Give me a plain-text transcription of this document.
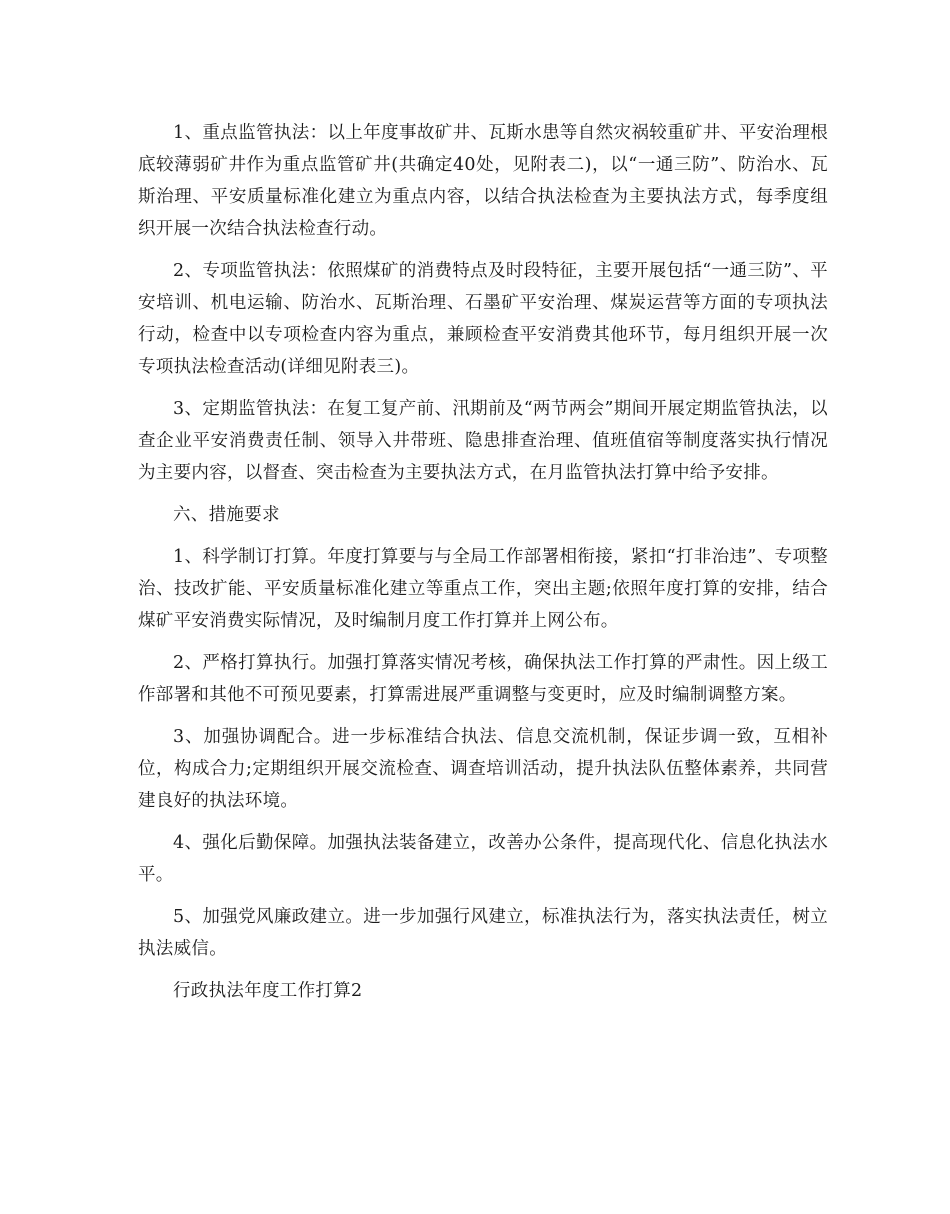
1、重点监管执法：以上年度事故矿井、瓦斯水患等自然灾祸较重矿井、平安治理根底较薄弱矿井作为重点监管矿井(共确定40处，见附表二)，以“一通三防”、防治水、瓦斯治理、平安质量标准化建立为重点内容，以结合执法检查为主要执法方式，每季度组织开展一次结合执法检查行动。

2、专项监管执法：依照煤矿的消费特点及时段特征，主要开展包括“一通三防”、平安培训、机电运输、防治水、瓦斯治理、石墨矿平安治理、煤炭运营等方面的专项执法行动，检查中以专项检查内容为重点，兼顾检查平安消费其他环节，每月组织开展一次专项执法检查活动(详细见附表三)。

3、定期监管执法：在复工复产前、汛期前及“两节两会”期间开展定期监管执法，以查企业平安消费责任制、领导入井带班、隐患排查治理、值班值宿等制度落实执行情况为主要内容，以督查、突击检查为主要执法方式，在月监管执法打算中给予安排。

六、措施要求

1、科学制订打算。年度打算要与与全局工作部署相衔接，紧扣“打非治违”、专项整治、技改扩能、平安质量标准化建立等重点工作，突出主题;依照年度打算的安排，结合煤矿平安消费实际情况，及时编制月度工作打算并上网公布。

2、严格打算执行。加强打算落实情况考核，确保执法工作打算的严肃性。因上级工作部署和其他不可预见要素，打算需进展严重调整与变更时，应及时编制调整方案。

3、加强协调配合。进一步标准结合执法、信息交流机制，保证步调一致，互相补位，构成合力;定期组织开展交流检查、调查培训活动，提升执法队伍整体素养，共同营建良好的执法环境。

4、强化后勤保障。加强执法装备建立，改善办公条件，提高现代化、信息化执法水平。

5、加强党风廉政建立。进一步加强行风建立，标准执法行为，落实执法责任，树立执法威信。

行政执法年度工作打算2
